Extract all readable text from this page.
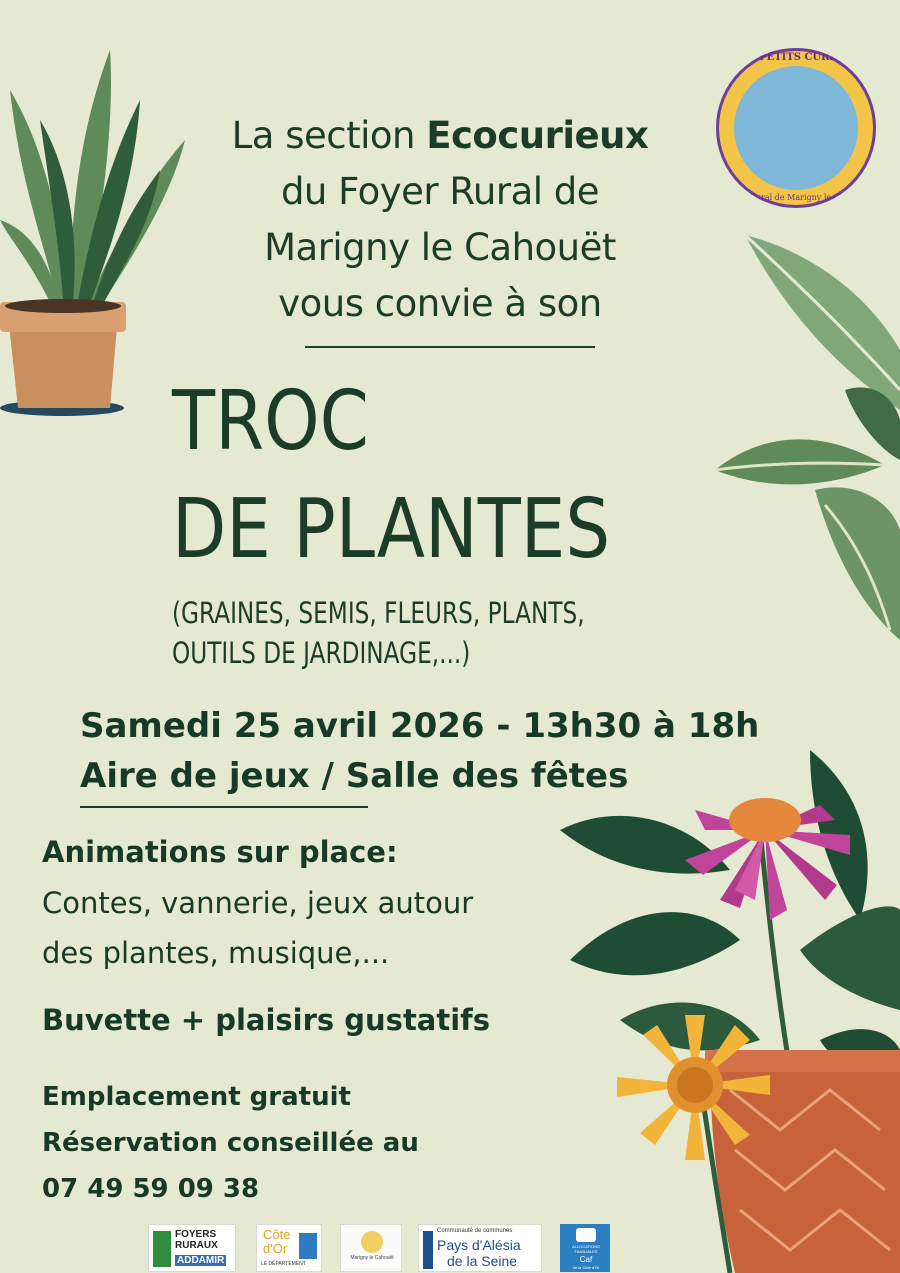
LES PETITS CURIEUX
Foyer Rural de Marigny le Cahouët
La section Ecocurieux
du Foyer Rural de
Marigny le Cahouët
vous convie à son
TROC
DE PLANTES
(GRAINES, SEMIS, FLEURS, PLANTS,
OUTILS DE JARDINAGE,...)
Samedi 25 avril 2026 - 13h30 à 18h
Aire de jeux / Salle des fêtes
Animations sur place:
Contes, vannerie, jeux autour
des plantes, musique,...
Buvette + plaisirs gustatifs
Emplacement gratuit
Réservation conseillée au
07 49 59 09 38
FOYERS
RURAUX
ADDAMIR
Côte
d'Or
LE DÉPARTEMENT
Marigny le Cahouët
Communauté de communes
Pays d'Alésia
de la Seine
ALLOCATIONS
FAMILIALES
Caf
de la Côte d'Or
